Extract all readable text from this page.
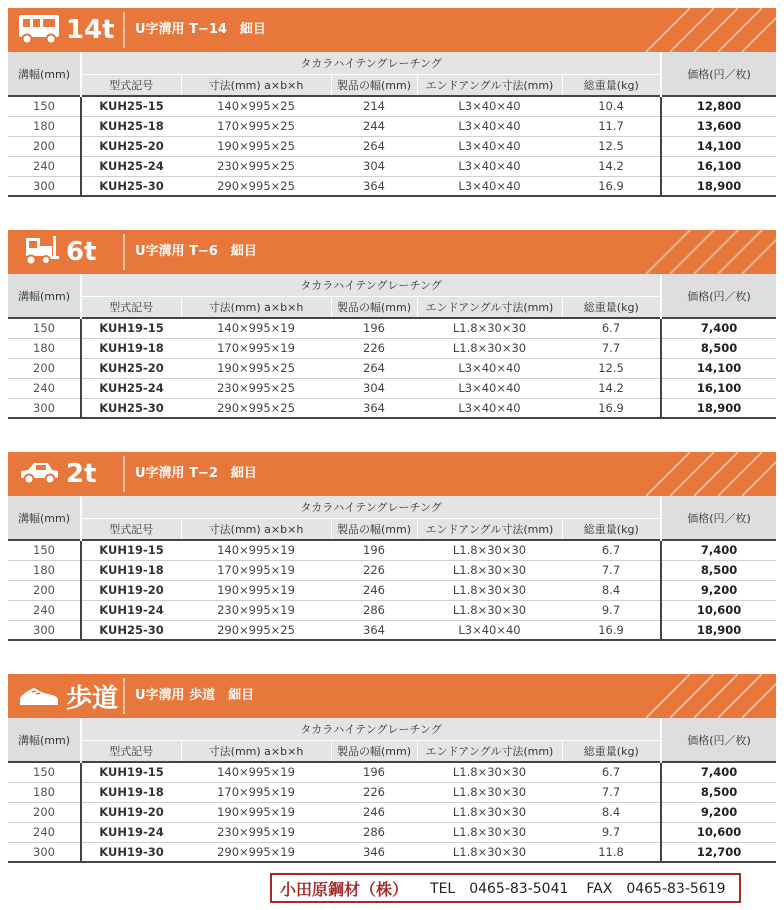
14t U字溝用 T−14　細目
溝幅(mm)	タカラハイテングレーチング					価格(円／枚)
	型式記号	寸法(mm) a×b×h	製品の幅(mm)	エンドアングル寸法(mm)	総重量(kg)	
150	KUH25-15	140×995×25	214	L3×40×40	10.4	12,800
180	KUH25-18	170×995×25	244	L3×40×40	11.7	13,600
200	KUH25-20	190×995×25	264	L3×40×40	12.5	14,100
240	KUH25-24	230×995×25	304	L3×40×40	14.2	16,100
300	KUH25-30	290×995×25	364	L3×40×40	16.9	18,900
6t	U字溝用 T−6　細目
溝幅(mm)	タカラハイテングレーチング					価格(円／枚)
	型式記号	寸法(mm) a×b×h	製品の幅(mm)	エンドアングル寸法(mm)	総重量(kg)	
150	KUH19-15	140×995×19	196	L1.8×30×30	6.7	7,400
180	KUH19-18	170×995×19	226	L1.8×30×30	7.7	8,500
200	KUH25-20	190×995×25	264	L3×40×40	12.5	14,100
240	KUH25-24	230×995×25	304	L3×40×40	14.2	16,100
300	KUH25-30	290×995×25	364	L3×40×40	16.9	18,900
2t	U字溝用 T−2　細目
溝幅(mm)	タカラハイテングレーチング					価格(円／枚)
	型式記号	寸法(mm) a×b×h	製品の幅(mm)	エンドアングル寸法(mm)	総重量(kg)	
150	KUH19-15	140×995×19	196	L1.8×30×30	6.7	7,400
180	KUH19-18	170×995×19	226	L1.8×30×30	7.7	8,500
200	KUH19-20	190×995×19	246	L1.8×30×30	8.4	9,200
240	KUH19-24	230×995×19	286	L1.8×30×30	9.7	10,600
300	KUH25-30	290×995×25	364	L3×40×40	16.9	18,900
歩道 U字溝用 歩道　細目
溝幅(mm)	タカラハイテングレーチング					価格(円／枚)
	型式記号	寸法(mm) a×b×h	製品の幅(mm)	エンドアングル寸法(mm)	総重量(kg)	
150	KUH19-15	140×995×19	196	L1.8×30×30	6.7	7,400
180	KUH19-18	170×995×19	226	L1.8×30×30	7.7	8,500
200	KUH19-20	190×995×19	246	L1.8×30×30	8.4	9,200
240	KUH19-24	230×995×19	286	L1.8×30×30	9.7	10,600
300	KUH19-30	290×995×19	346	L1.8×30×30	11.8	12,700
小田原鋼材（株） TEL　0465-83-5041 FAX　0465-83-5619
